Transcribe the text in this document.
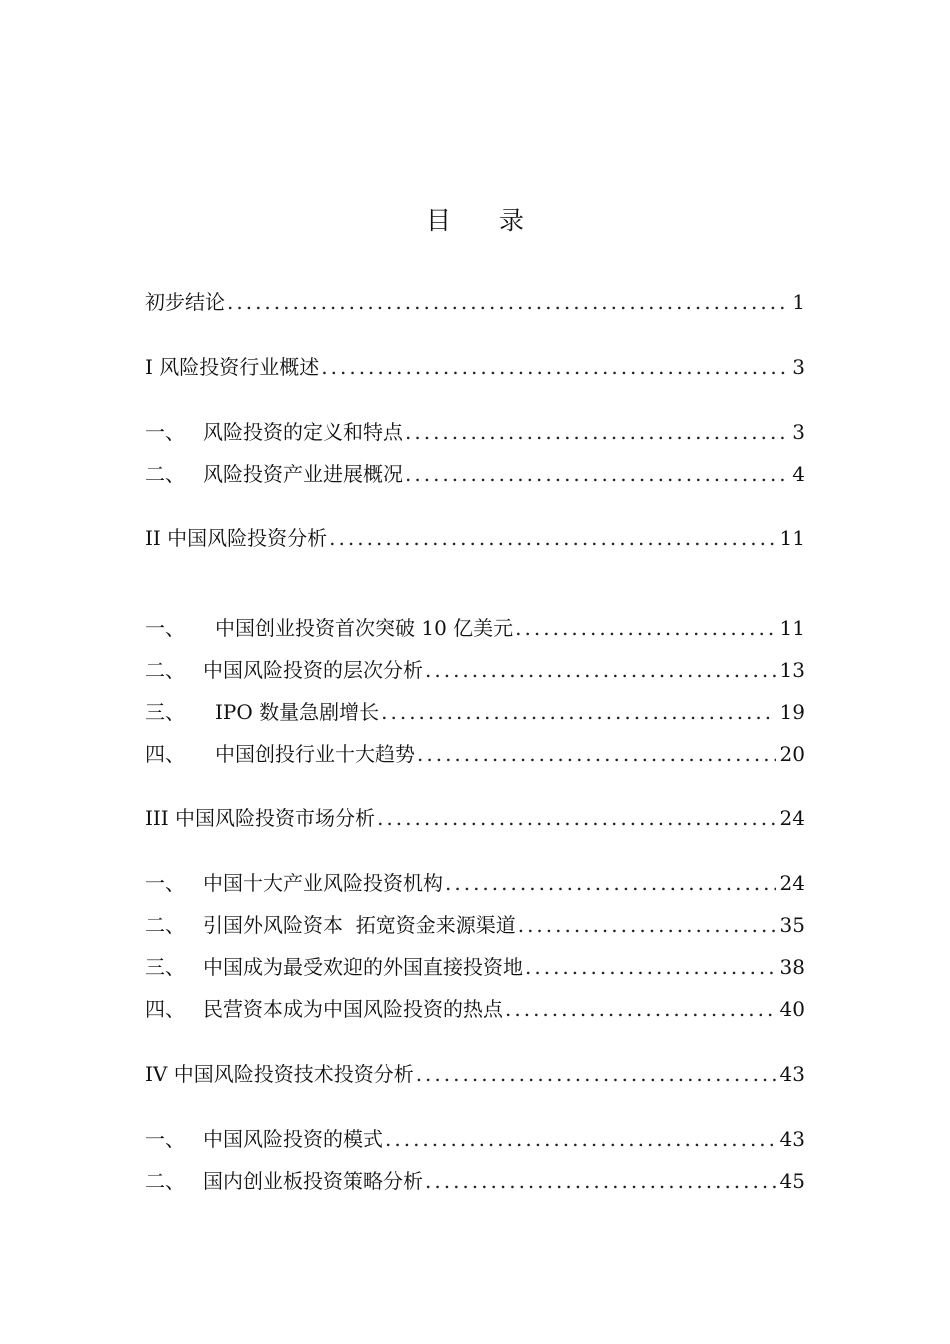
目录
初步结论 .....	1
I 风险投资行业概述 .....	3
一、 风险投资的定义和特点 .....	3
二、 风险投资产业进展概况 .....	4
II 中国风险投资分析 .....	11
一、	中国创业投资首次突破 10 亿美元 .....	11
二、 中国风险投资的层次分析 .....	13
三、	IPO 数量急剧增长 .....	19
四、	中国创投行业十大趋势 .....	20
III 中国风险投资市场分析 .....	24
一、 中国十大产业风险投资机构 .....	24
二、 引国外风险资本  拓宽资金来源渠道 .....	35
三、 中国成为最受欢迎的外国直接投资地 .....	38
四、 民营资本成为中国风险投资的热点 .....	40
IV 中国风险投资技术投资分析 .....	43
一、 中国风险投资的模式 .....	43
二、 国内创业板投资策略分析 .....	45
